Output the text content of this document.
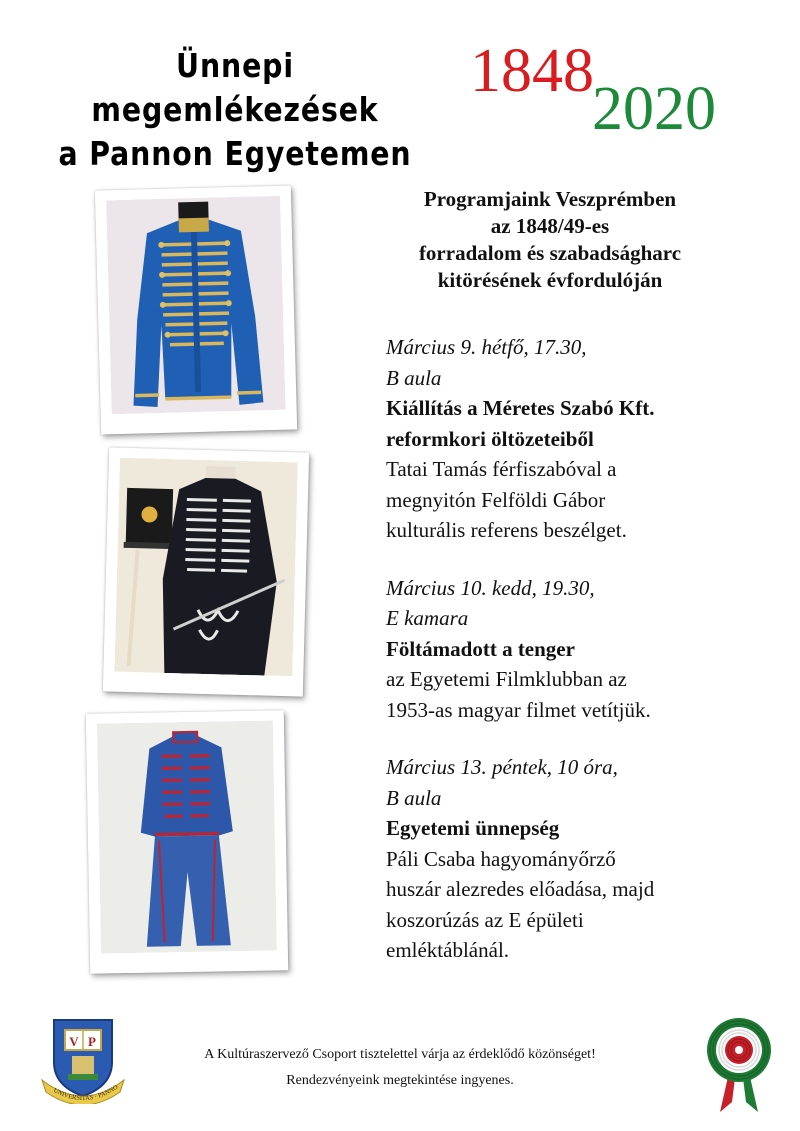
Ünnepi megemlékezések
a Pannon Egyetemen
1848
2020
Programjaink Veszprémben
az 1848/49-es
forradalom és szabadságharc
kitörésének évfordulóján
Március 9. hétfő, 17.30,
B aula
Kiállítás a Méretes Szabó Kft.
reformkori öltözeteiből
Tatai Tamás férfiszabóval a
megnyitón Felföldi Gábor
kulturális referens beszélget.
Március 10. kedd, 19.30,
E kamara
Föltámadott a tenger
az Egyetemi Filmklubban az
1953-as magyar filmet vetítjük.
Március 13. péntek, 10 óra,
B aula
Egyetemi ünnepség
Páli Csaba hagyományőrző
huszár alezredes előadása, majd
koszorúzás az E épületi
emléktáblánál.
V P
UNIVERSITAS · PANNO
A Kultúraszervező Csoport tisztelettel várja az érdeklődő közönséget!
Rendezvényeink megtekintése ingyenes.
